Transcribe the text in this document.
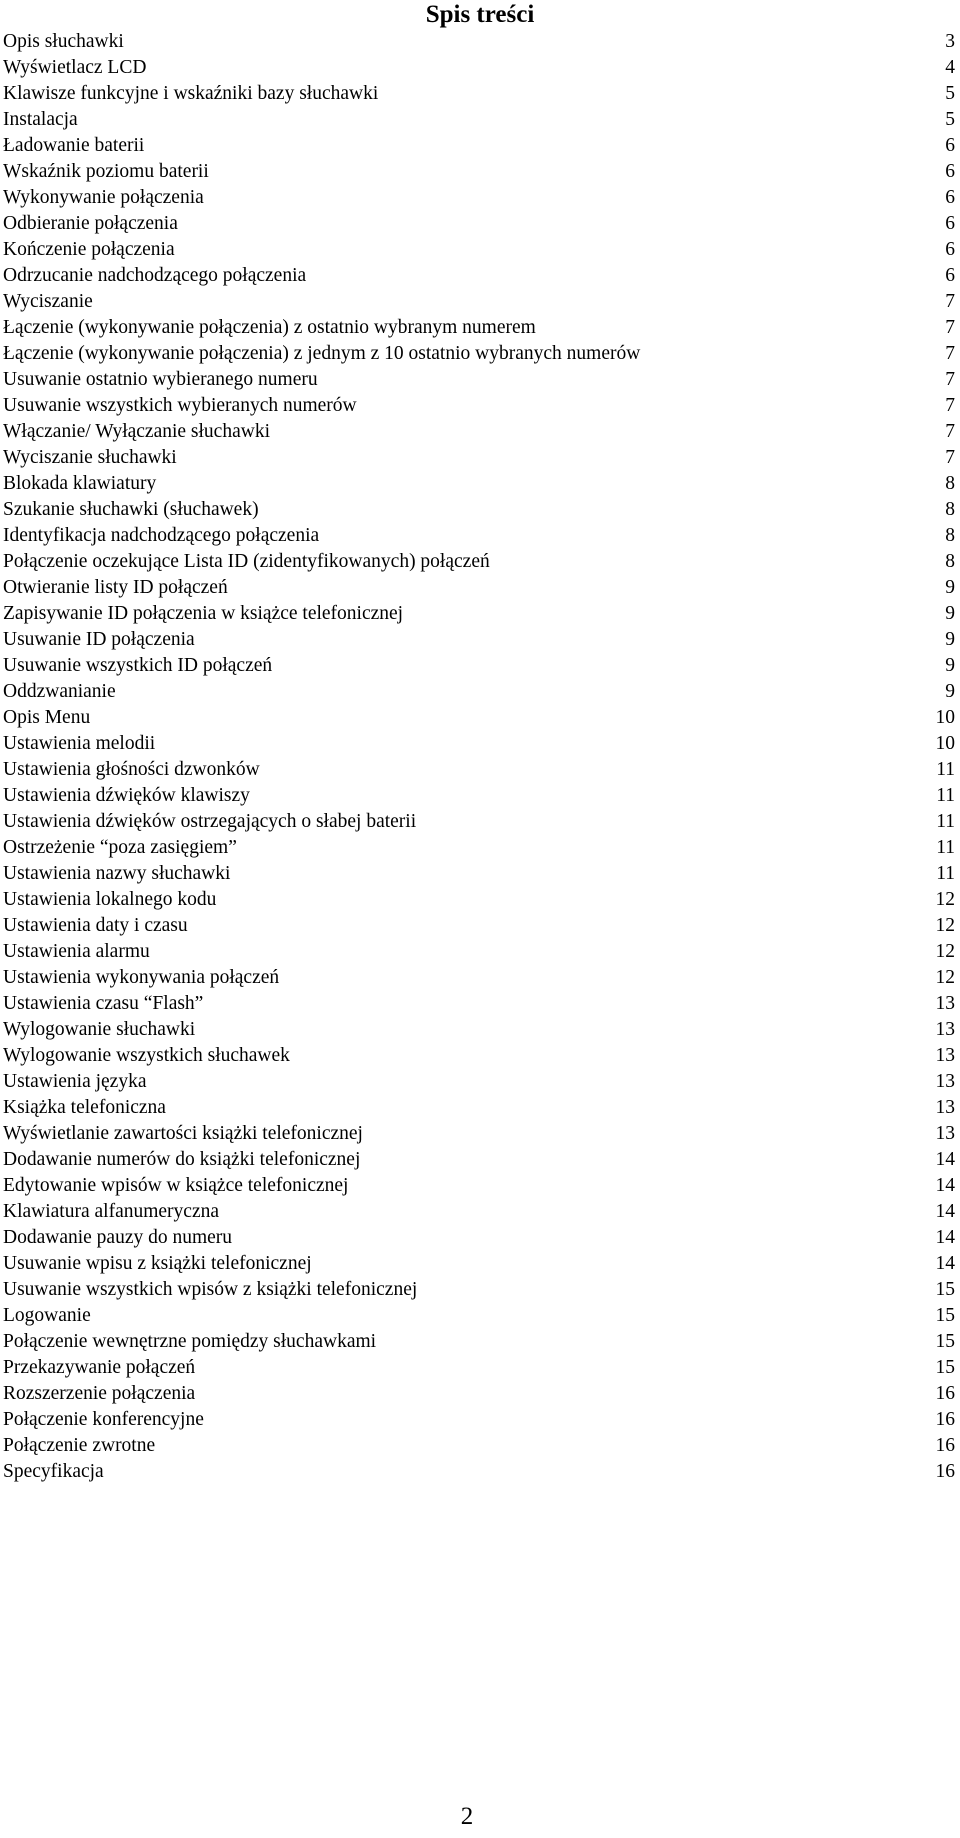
Spis treści
Opis słuchawki	3
Wyświetlacz LCD	4
Klawisze funkcyjne i wskaźniki bazy słuchawki	5
Instalacja	5
Ładowanie baterii	6
Wskaźnik poziomu baterii	6
Wykonywanie połączenia	6
Odbieranie połączenia	6
Kończenie połączenia	6
Odrzucanie nadchodzącego połączenia	6
Wyciszanie	7
Łączenie (wykonywanie połączenia) z ostatnio wybranym numerem	7
Łączenie (wykonywanie połączenia) z jednym z 10 ostatnio wybranych numerów	7
Usuwanie ostatnio wybieranego numeru	7
Usuwanie wszystkich wybieranych numerów	7
Włączanie/ Wyłączanie słuchawki	7
Wyciszanie słuchawki	7
Blokada klawiatury	8
Szukanie słuchawki (słuchawek)	8
Identyfikacja nadchodzącego połączenia	8
Połączenie oczekujące Lista ID (zidentyfikowanych) połączeń	8
Otwieranie listy ID połączeń	9
Zapisywanie ID połączenia w książce telefonicznej	9
Usuwanie ID połączenia	9
Usuwanie wszystkich ID połączeń	9
Oddzwanianie	9
Opis Menu	10
Ustawienia melodii	10
Ustawienia głośności dzwonków	11
Ustawienia dźwięków klawiszy	11
Ustawienia dźwięków ostrzegających o słabej baterii	11
Ostrzeżenie “poza zasięgiem”	11
Ustawienia nazwy słuchawki	11
Ustawienia lokalnego kodu	12
Ustawienia daty i czasu	12
Ustawienia alarmu	12
Ustawienia wykonywania połączeń	12
Ustawienia czasu “Flash”	13
Wylogowanie słuchawki	13
Wylogowanie wszystkich słuchawek	13
Ustawienia języka	13
Książka telefoniczna	13
Wyświetlanie zawartości książki telefonicznej	13
Dodawanie numerów do książki telefonicznej	14
Edytowanie wpisów w książce telefonicznej	14
Klawiatura alfanumeryczna	14
Dodawanie pauzy do numeru	14
Usuwanie wpisu z książki telefonicznej	14
Usuwanie wszystkich wpisów z książki telefonicznej	15
Logowanie	15
Połączenie wewnętrzne pomiędzy słuchawkami	15
Przekazywanie połączeń	15
Rozszerzenie połączenia	16
Połączenie konferencyjne	16
Połączenie zwrotne	16
Specyfikacja	16
2
